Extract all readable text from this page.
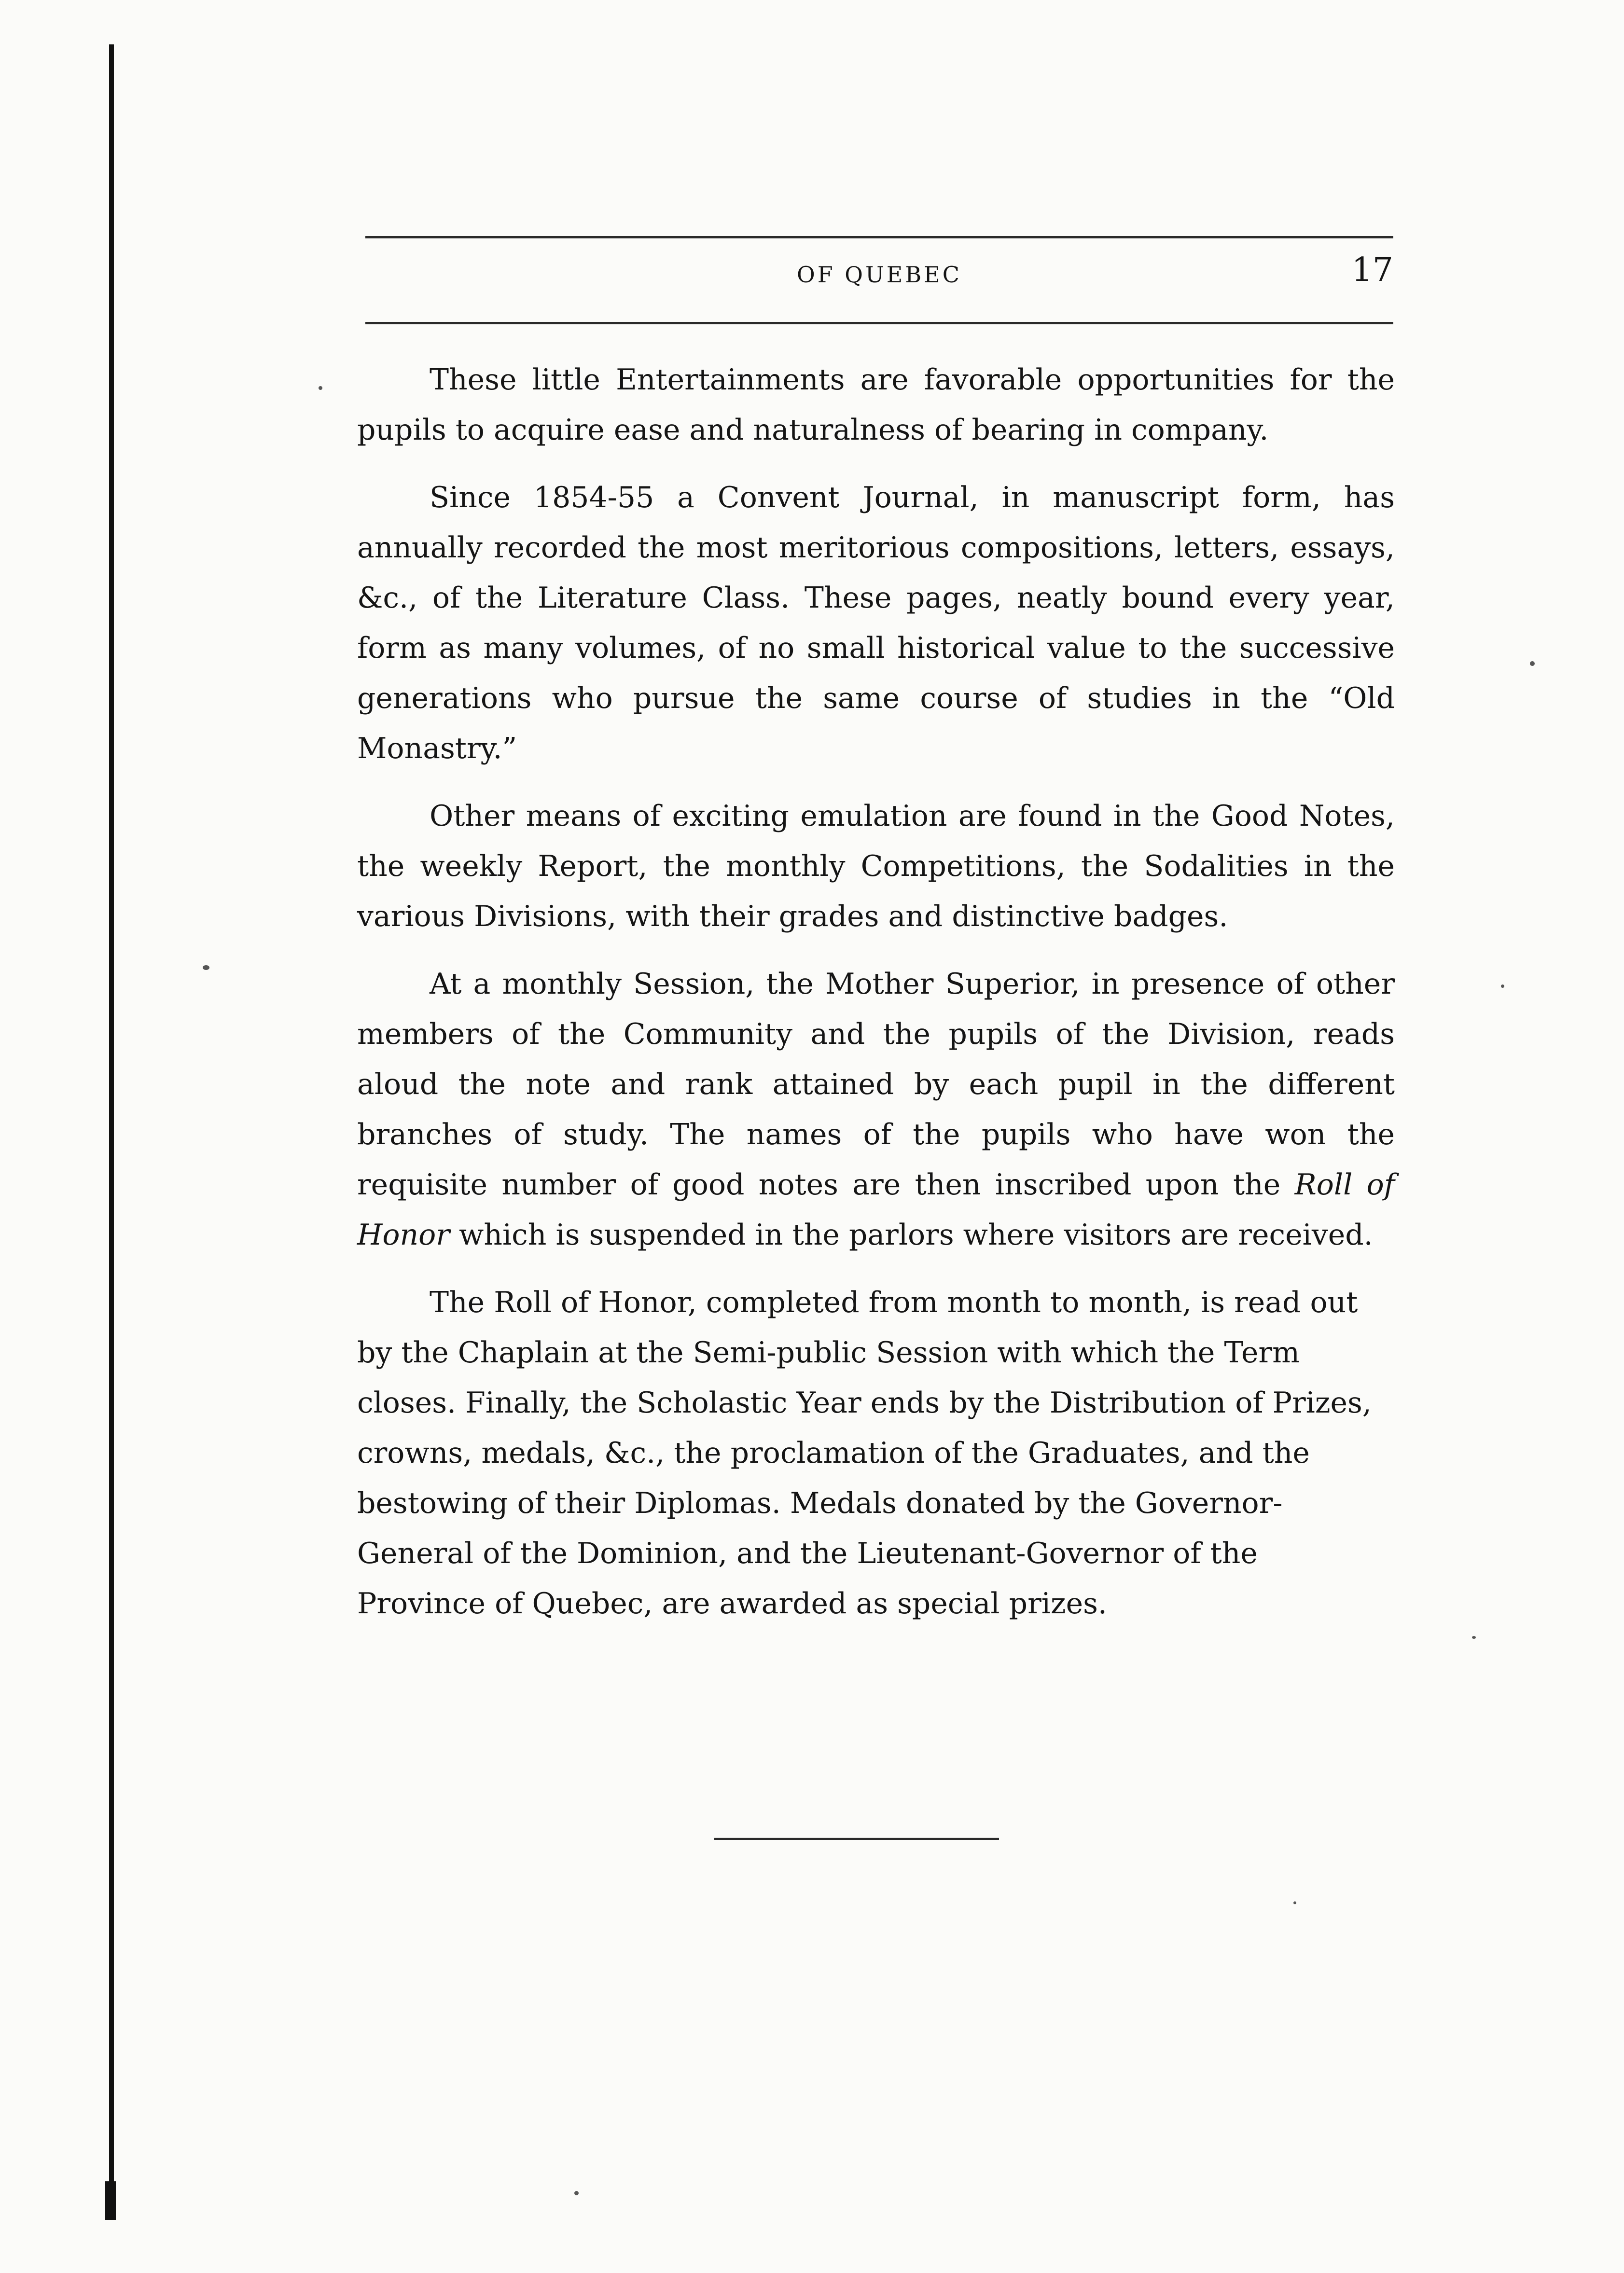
OF QUEBEC	17

These little Entertainments are favorable opportunities for the pupils to acquire ease and naturalness of bearing in company.

Since 1854-55 a Convent Journal, in manuscript form, has annually recorded the most meritorious compositions, letters, essays, &c., of the Literature Class. These pages, neatly bound every year, form as many volumes, of no small historical value to the successive generations who pursue the same course of studies in the “Old Monastry.”

Other means of exciting emulation are found in the Good Notes, the weekly Report, the monthly Competitions, the Sodalities in the various Divisions, with their grades and distinctive badges.

At a monthly Session, the Mother Superior, in presence of other members of the Community and the pupils of the Division, reads aloud the note and rank attained by each pupil in the different branches of study. The names of the pupils who have won the requisite number of good notes are then inscribed upon the Roll of Honor which is suspended in the parlors where visitors are received.

The Roll of Honor, completed from month to month, is read out by the Chaplain at the Semi-public Session with which the Term closes. Finally, the Scholastic Year ends by the Distribution of Prizes, crowns, medals, &c., the proclamation of the Graduates, and the bestowing of their Diplomas. Medals donated by the Governor-General of the Dominion, and the Lieutenant-Governor of the Province of Quebec, are awarded as special prizes.
